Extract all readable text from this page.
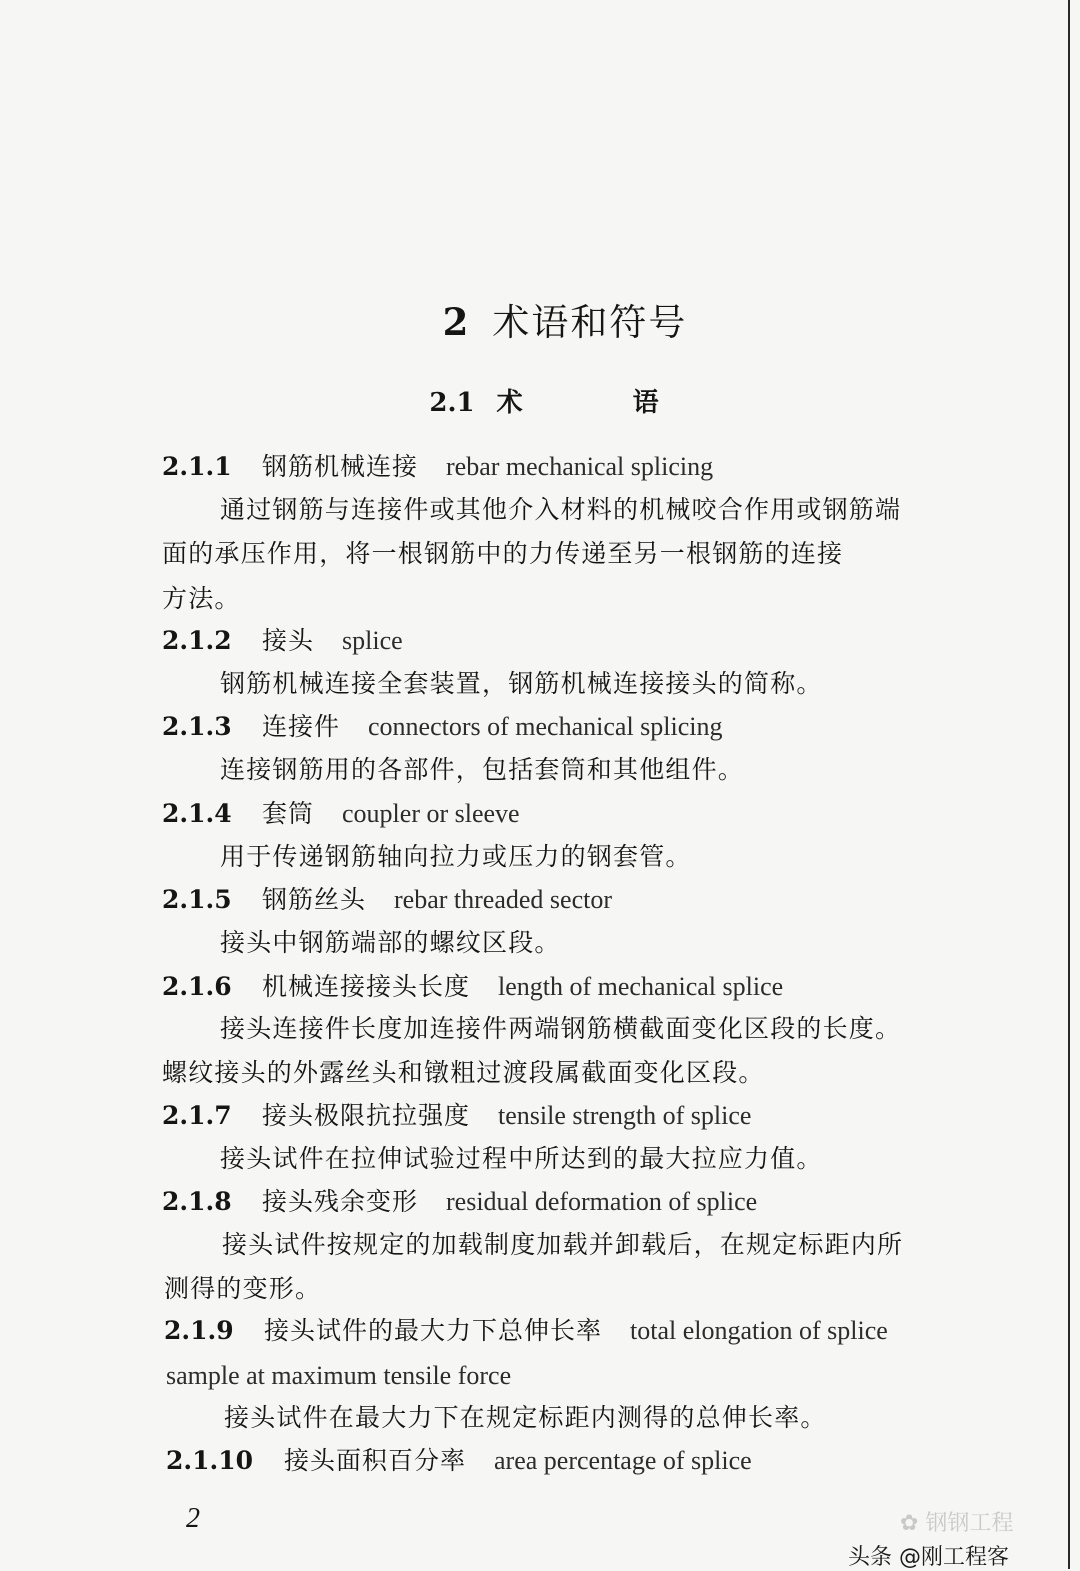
2 术语和符号
2.1 术　语
2.1.1 钢筋机械连接 rebar mechanical splicing
通过钢筋与连接件或其他介入材料的机械咬合作用或钢筋端
面的承压作用，将一根钢筋中的力传递至另一根钢筋的连接
方法。
2.1.2 接头 splice
钢筋机械连接全套装置，钢筋机械连接接头的简称。
2.1.3 连接件 connectors of mechanical splicing
连接钢筋用的各部件，包括套筒和其他组件。
2.1.4 套筒 coupler or sleeve
用于传递钢筋轴向拉力或压力的钢套管。
2.1.5 钢筋丝头 rebar threaded sector
接头中钢筋端部的螺纹区段。
2.1.6 机械连接接头长度 length of mechanical splice
接头连接件长度加连接件两端钢筋横截面变化区段的长度。
螺纹接头的外露丝头和镦粗过渡段属截面变化区段。
2.1.7 接头极限抗拉强度 tensile strength of splice
接头试件在拉伸试验过程中所达到的最大拉应力值。
2.1.8 接头残余变形 residual deformation of splice
接头试件按规定的加载制度加载并卸载后，在规定标距内所
测得的变形。
2.1.9 接头试件的最大力下总伸长率 total elongation of splice
sample at maximum tensile force
接头试件在最大力下在规定标距内测得的总伸长率。
2.1.10 接头面积百分率 area percentage of splice
2	✿ 钢钢工程
头条 @刚工程客
